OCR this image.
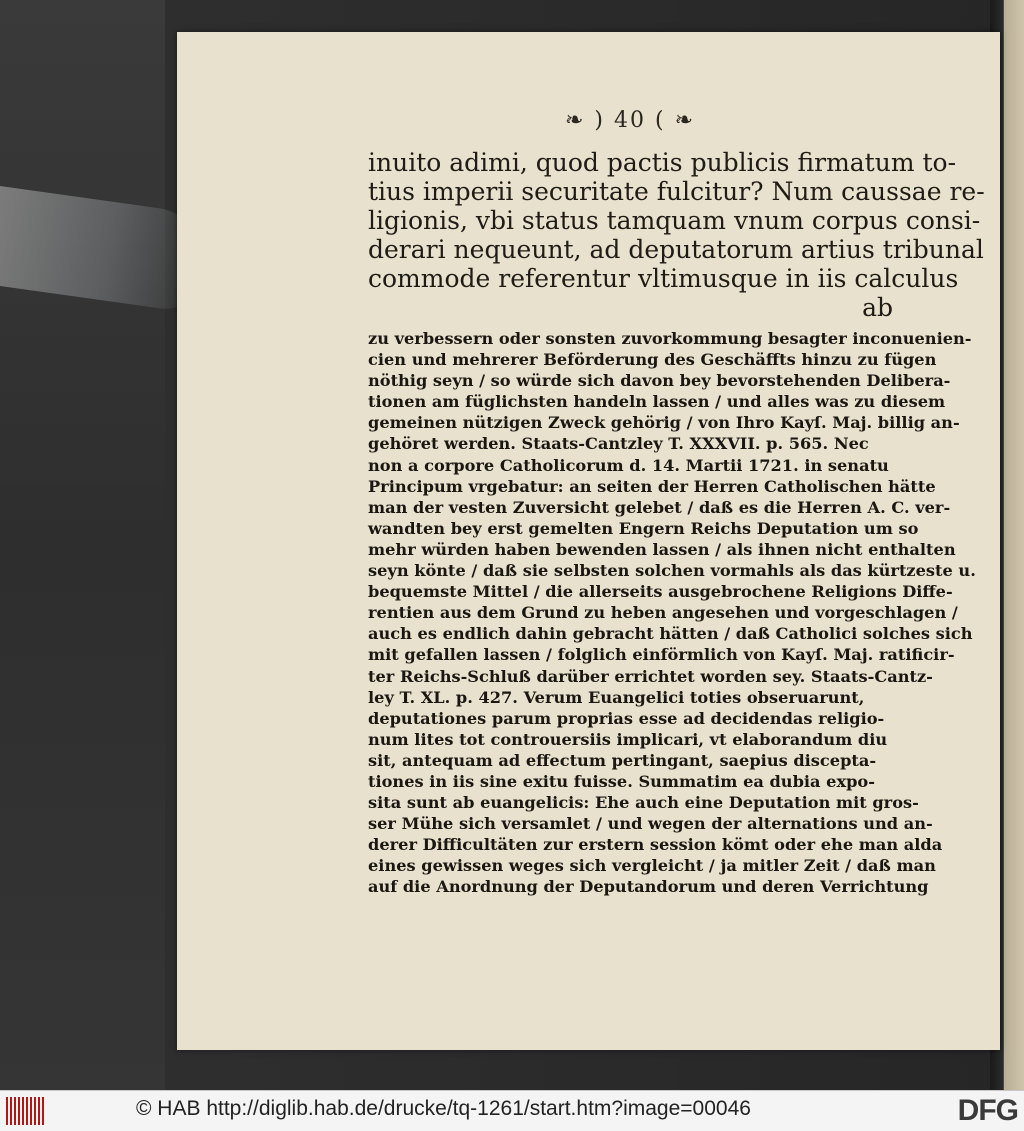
❧ ) 40 ( ❧
inuito adimi, quod pactis publicis firmatum to-
tius imperii securitate fulcitur? Num caussae re-
ligionis, vbi status tamquam vnum corpus consi-
derari nequeunt, ad deputatorum artius tribunal
commode referentur vltimusque in iis calculus
ab
zu verbessern oder sonsten zuvorkommung besagter inconuenien-
cien und mehrerer Beförderung des Geschäffts hinzu zu fügen
nöthig seyn / so würde sich davon bey bevorstehenden Delibera-
tionen am füglichsten handeln lassen / und alles was zu diesem
gemeinen nützigen Zweck gehörig / von Ihro Kayſ. Maj. billig an-
gehöret werden. Staats-Cantzley T. XXXVII. p. 565. Nec
non a corpore Catholicorum d. 14. Martii 1721. in senatu
Principum vrgebatur: an seiten der Herren Catholischen hätte
man der vesten Zuversicht gelebet / daß es die Herren A. C. ver-
wandten bey erst gemelten Engern Reichs Deputation um so
mehr würden haben bewenden lassen / als ihnen nicht enthalten
seyn könte / daß sie selbsten solchen vormahls als das kürtzeste u.
bequemste Mittel / die allerseits ausgebrochene Religions Diffe-
rentien aus dem Grund zu heben angesehen und vorgeschlagen /
auch es endlich dahin gebracht hätten / daß Catholici solches sich
mit gefallen lassen / folglich einförmlich von Kayſ. Maj. ratificir-
ter Reichs-Schluß darüber errichtet worden sey. Staats-Cantz-
ley T. XL. p. 427. Verum Euangelici toties obseruarunt,
deputationes parum proprias esse ad decidendas religio-
num lites tot controuersiis implicari, vt elaborandum diu
sit, antequam ad effectum pertingant, saepius discepta-
tiones in iis sine exitu fuisse. Summatim ea dubia expo-
sita sunt ab euangelicis: Ehe auch eine Deputation mit gros-
ser Mühe sich versamlet / und wegen der alternations und an-
derer Difficultäten zur erstern session kömt oder ehe man alda
eines gewissen weges sich vergleicht / ja mitler Zeit / daß man
auf die Anordnung der Deputandorum und deren Verrichtung
© HAB http://diglib.hab.de/drucke/tq-1261/start.htm?image=00046	DFG
